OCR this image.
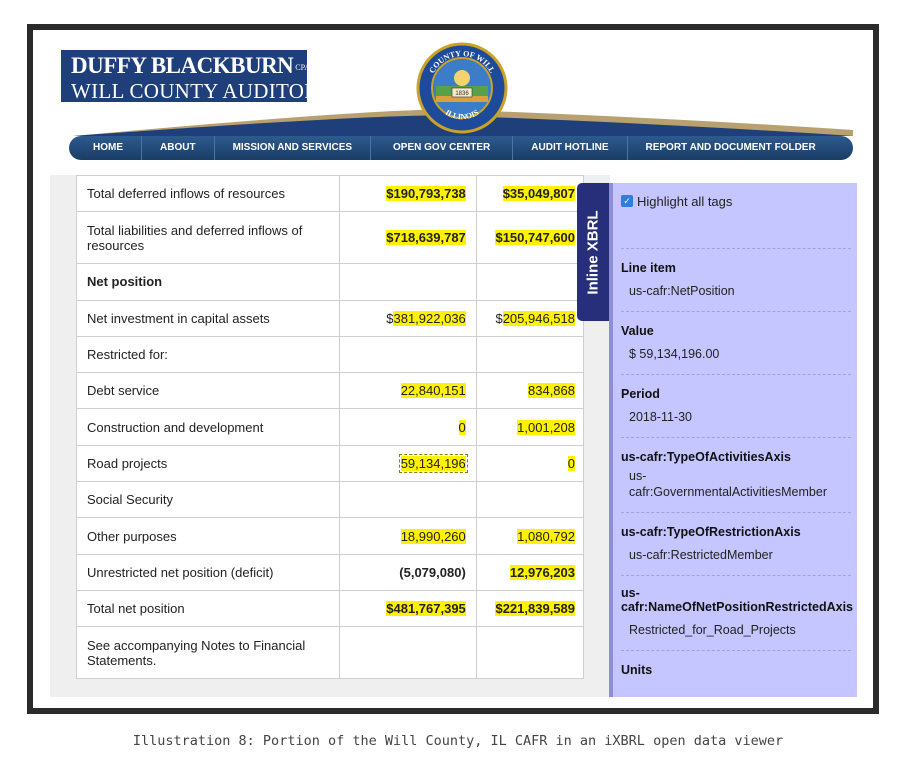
DUFFY BLACKBURN CPA | CFE | CISA
WILL COUNTY AUDITOR	1836
COUNTY OF WILL
ILLINOIS
HOME	ABOUT	MISSION AND SERVICES	OPEN GOV CENTER	AUDIT HOTLINE	REPORT AND DOCUMENT FOLDER
Total deferred inflows of resources	$190,793,738	$35,049,807
Total liabilities and deferred inflows of resources	$718,639,787	$150,747,600
Net position		
Net investment in capital assets	$381,922,036	$205,946,518
Restricted for:		
Debt service	22,840,151	834,868
Construction and development	0	1,001,208
Road projects	59,134,196	0
Social Security		
Other purposes	18,990,260	1,080,792
Unrestricted net position (deficit)	(5,079,080)	12,976,203
Total net position	$481,767,395	$221,839,589
See accompanying Notes to Financial Statements.		
Inline XBRL
✓ Highlight all tags
Line item
us-cafr:NetPosition
Value
$ 59,134,196.00
Period
2018-11-30
us-cafr:TypeOfActivitiesAxis
us-
cafr:GovernmentalActivitiesMember
us-cafr:TypeOfRestrictionAxis
us-cafr:RestrictedMember
us-
cafr:NameOfNetPositionRestrictedAxis
Restricted_for_Road_Projects
Units
Illustration 8: Portion of the Will County, IL CAFR in an iXBRL open data viewer
